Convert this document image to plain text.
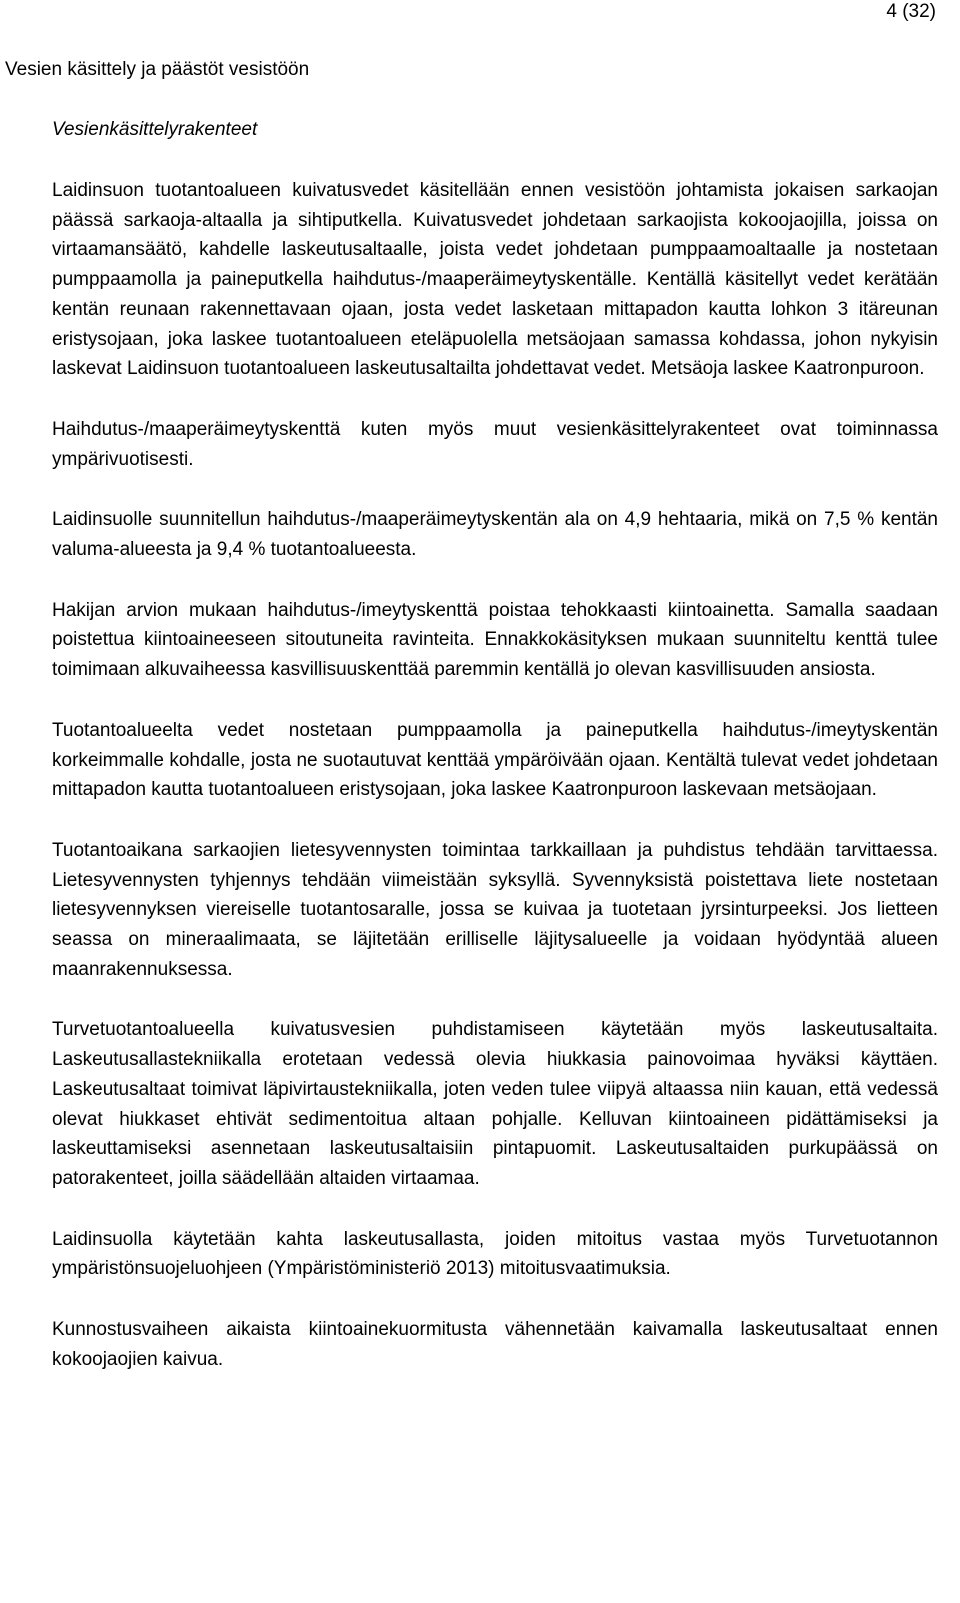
4 (32)
Vesien käsittely ja päästöt vesistöön
Vesienkäsittelyrakenteet

Laidinsuon tuotantoalueen kuivatusvedet käsitellään ennen vesistöön johtamista jokaisen sarkaojan päässä sarkaoja-altaalla ja sihtiputkella. Kuivatusvedet johdetaan sarkaojista kokoojaojilla, joissa on virtaamansäätö, kahdelle laskeutusaltaalle, joista vedet johdetaan pumppaamoaltaalle ja nostetaan pumppaamolla ja paineputkella haihdutus-/maaperäimeytyskentälle. Kentällä käsitellyt vedet kerätään kentän reunaan rakennettavaan ojaan, josta vedet lasketaan mittapadon kautta lohkon 3 itäreunan eristysojaan, joka laskee tuotantoalueen eteläpuolella metsäojaan samassa kohdassa, johon nykyisin laskevat Laidinsuon tuotantoalueen laskeutusaltailta johdettavat vedet. Metsäoja laskee Kaatronpuroon.

Haihdutus-/maaperäimeytyskenttä kuten myös muut vesienkäsittelyrakenteet ovat toiminnassa ympärivuotisesti.

Laidinsuolle suunnitellun haihdutus-/maaperäimeytyskentän ala on 4,9 hehtaaria, mikä on 7,5 % kentän valuma-alueesta ja 9,4 % tuotantoalueesta.

Hakijan arvion mukaan haihdutus-/imeytyskenttä poistaa tehokkaasti kiintoainetta. Samalla saadaan poistettua kiintoaineeseen sitoutuneita ravinteita. Ennakkokäsityksen mukaan suunniteltu kenttä tulee toimimaan alkuvaiheessa kasvillisuuskenttää paremmin kentällä jo olevan kasvillisuuden ansiosta.

Tuotantoalueelta vedet nostetaan pumppaamolla ja paineputkella haihdutus-/imeytyskentän korkeimmalle kohdalle, josta ne suotautuvat kenttää ympäröivään ojaan. Kentältä tulevat vedet johdetaan mittapadon kautta tuotantoalueen eristysojaan, joka laskee Kaatronpuroon laskevaan metsäojaan.

Tuotantoaikana sarkaojien lietesyvennysten toimintaa tarkkaillaan ja puhdistus tehdään tarvittaessa. Lietesyvennysten tyhjennys tehdään viimeistään syksyllä. Syvennyksistä poistettava liete nostetaan lietesyvennyksen viereiselle tuotantosaralle, jossa se kuivaa ja tuotetaan jyrsinturpeeksi. Jos lietteen seassa on mineraalimaata, se läjitetään erilliselle läjitysalueelle ja voidaan hyödyntää alueen maanrakennuksessa.

Turvetuotantoalueella kuivatusvesien puhdistamiseen käytetään myös laskeutusaltaita. Laskeutusallastekniikalla erotetaan vedessä olevia hiukkasia painovoimaa hyväksi käyttäen. Laskeutusaltaat toimivat läpivirtaustekniikalla, joten veden tulee viipyä altaassa niin kauan, että vedessä olevat hiukkaset ehtivät sedimentoitua altaan pohjalle. Kelluvan kiintoaineen pidättämiseksi ja laskeuttamiseksi asennetaan laskeutusaltaisiin pintapuomit. Laskeutusaltaiden purkupäässä on patorakenteet, joilla säädellään altaiden virtaamaa.

Laidinsuolla käytetään kahta laskeutusallasta, joiden mitoitus vastaa myös Turvetuotannon ympäristönsuojeluohjeen (Ympäristöministeriö 2013) mitoitusvaatimuksia.

Kunnostusvaiheen aikaista kiintoainekuormitusta vähennetään kaivamalla laskeutusaltaat ennen kokoojaojien kaivua.
